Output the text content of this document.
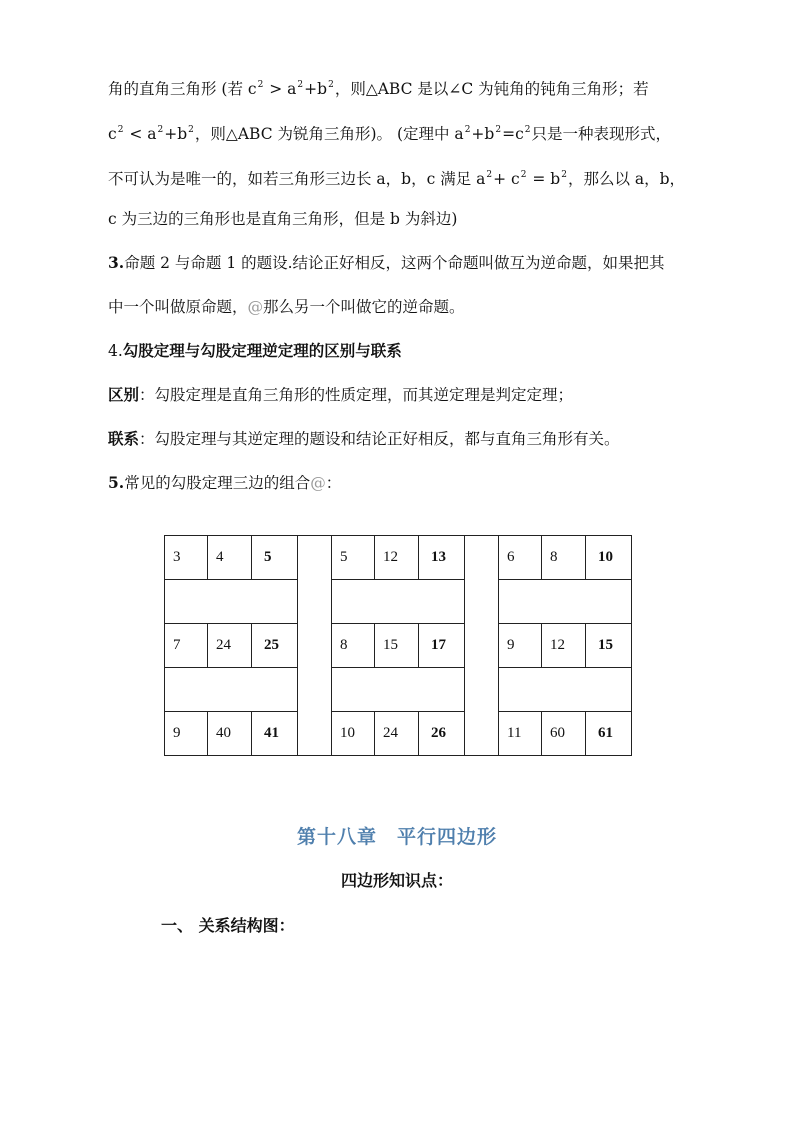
角的直角三角形 (若 $c^2 > a^2+b^2$，则△ABC 是以∠C 为钝角的钝角三角形；若
$c^2 < a^2+b^2$，则△ABC 为锐角三角形)。 (定理中 $a^2+b^2=c^2$只是一种表现形式，
不可认为是唯一的，如若三角形三边长 a，b，c 满足 $a^2+ c^2 = b^2$，那么以 a，b，
c 为三边的三角形也是直角三角形，但是 b 为斜边)
3.命题 2 与命题 1 的题设.结论正好相反，这两个命题叫做互为逆命题，如果把其
中一个叫做原命题，@那么另一个叫做它的逆命题。
4.勾股定理与勾股定理逆定理的区别与联系
区别：勾股定理是直角三角形的性质定理，而其逆定理是判定定理；
联系：勾股定理与其逆定理的题设和结论正好相反，都与直角三角形有关。
5.常见的勾股定理三边的组合@：
3	4	5		5	12	13		6	8	10

7	24	25		8	15	17		9	12	15

9	40	41		10	24	26		11	60	61
第十八章　平行四边形
四边形知识点：
一、 关系结构图：
